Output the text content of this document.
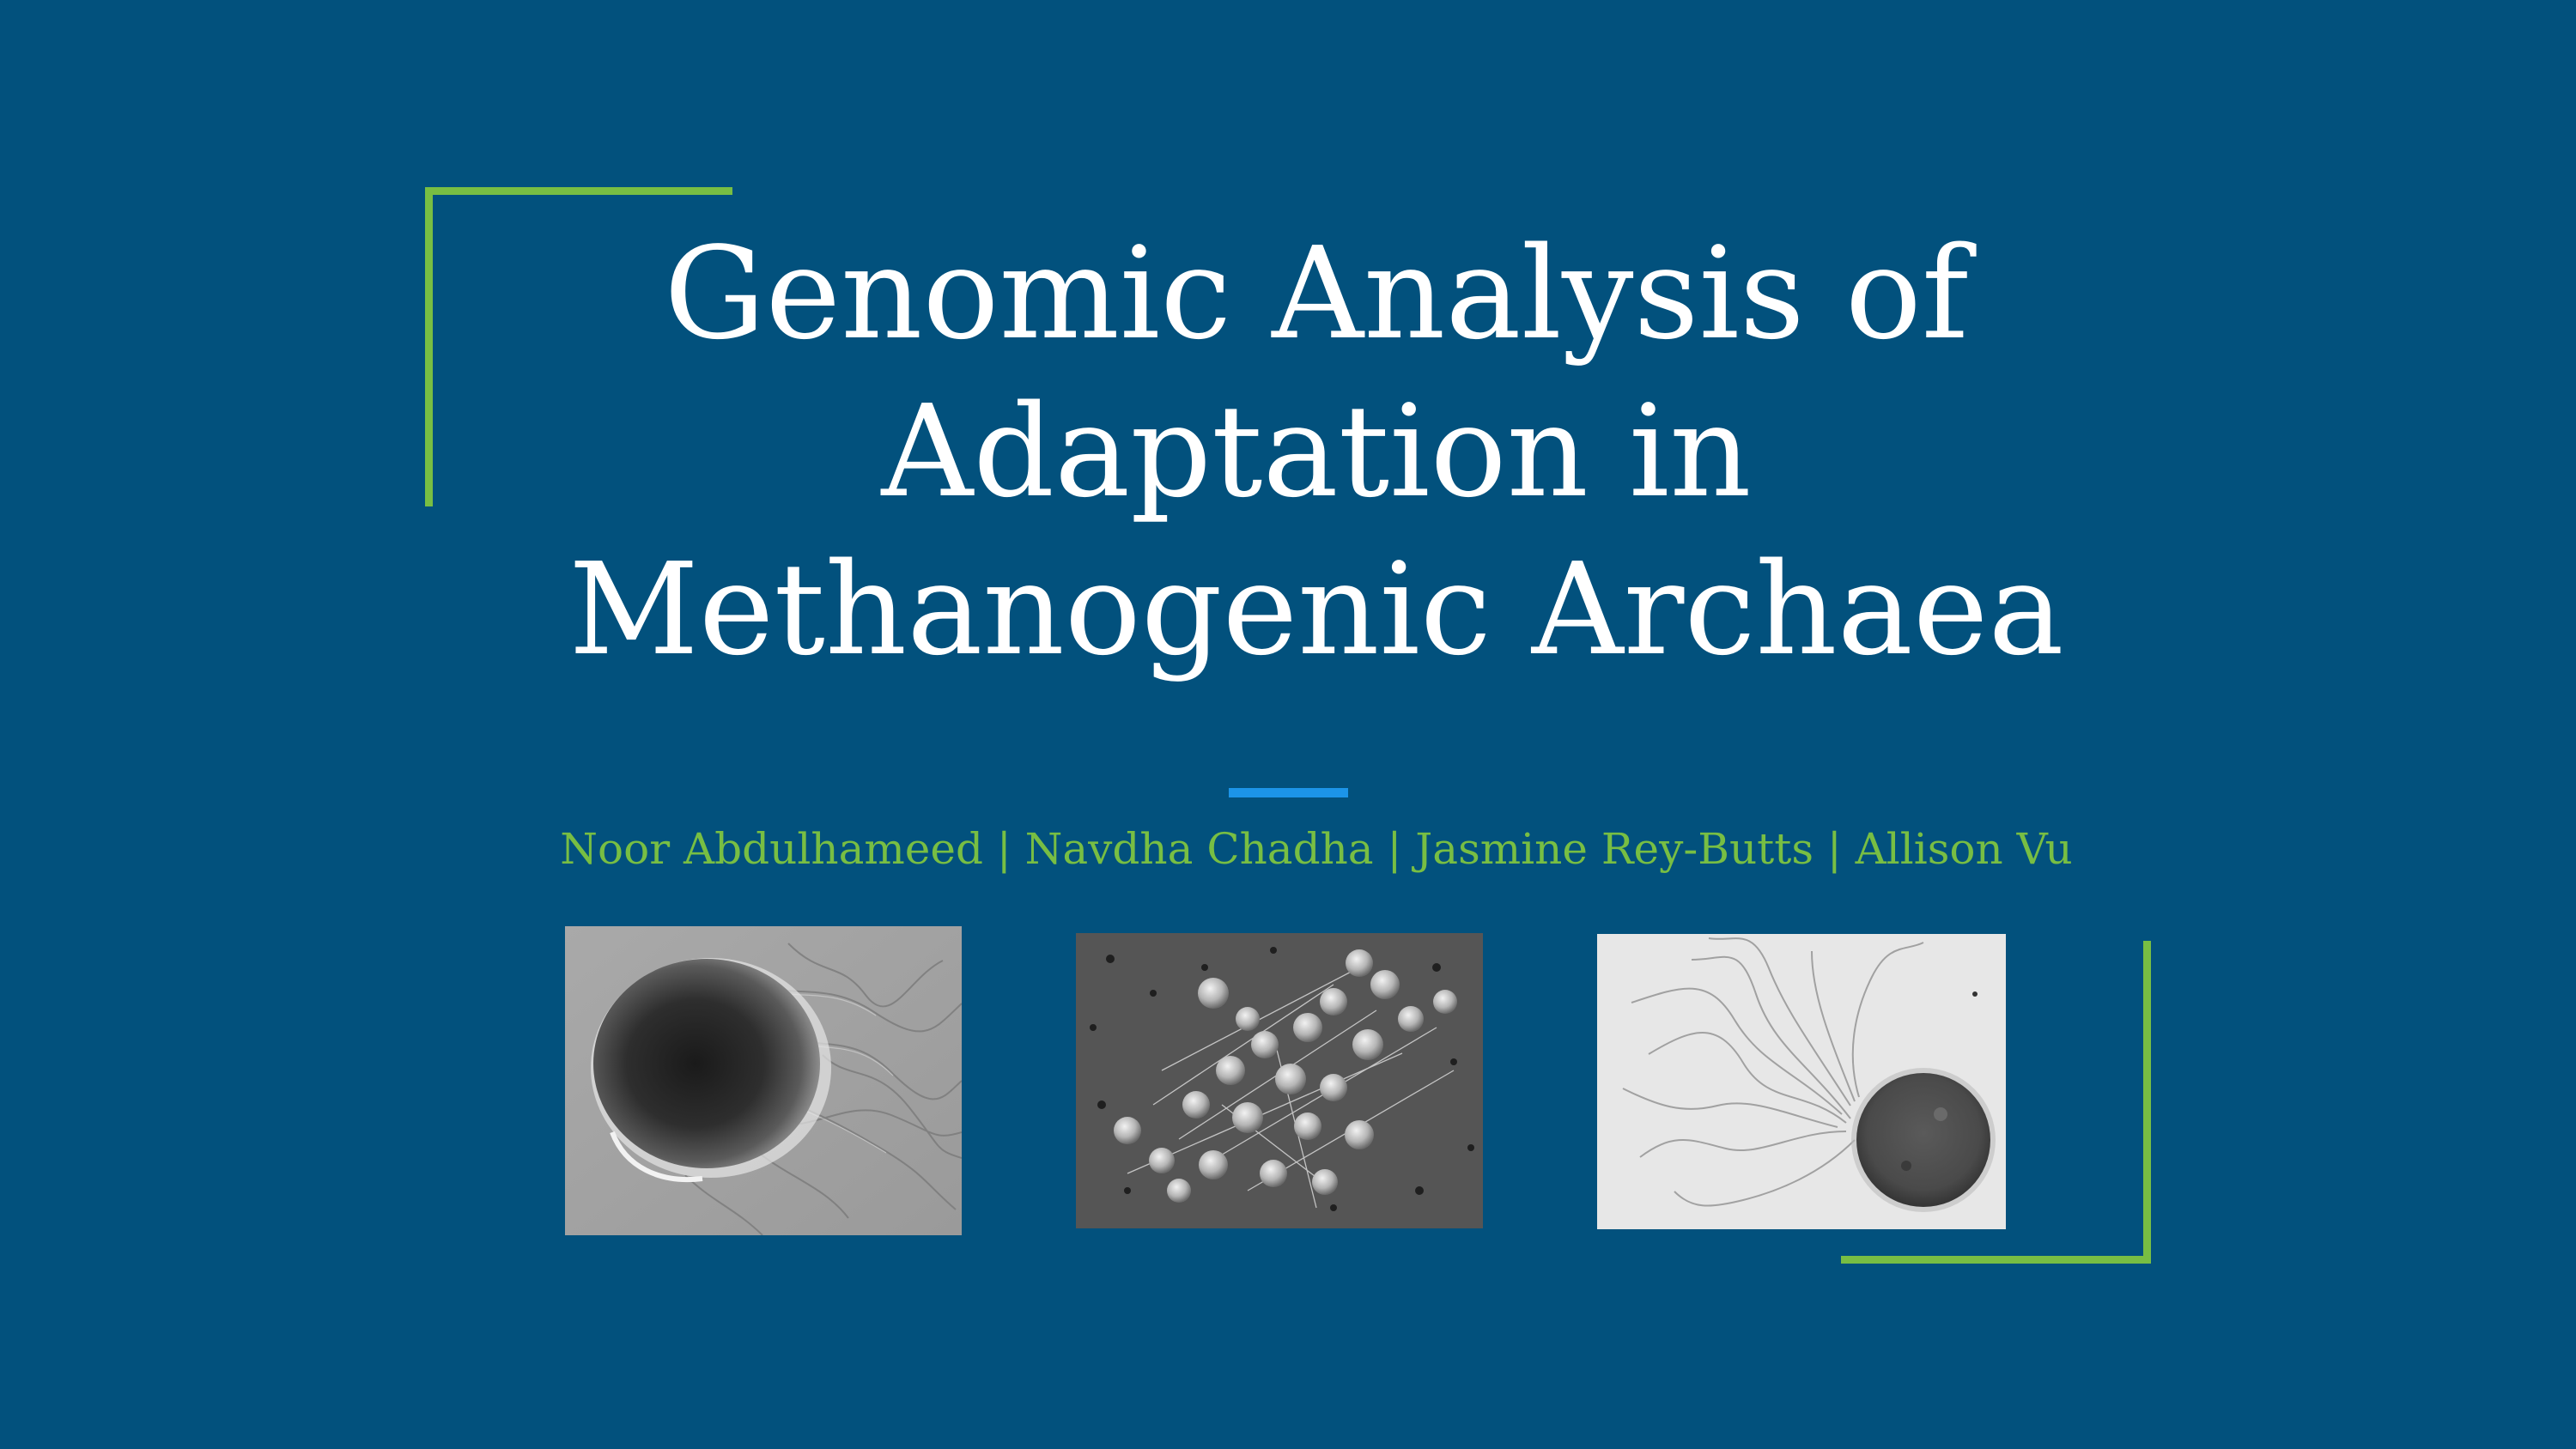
Genomic Analysis of
Adaptation in
Methanogenic Archaea
Noor Abdulhameed | Navdha Chadha | Jasmine Rey-Butts | Allison Vu
